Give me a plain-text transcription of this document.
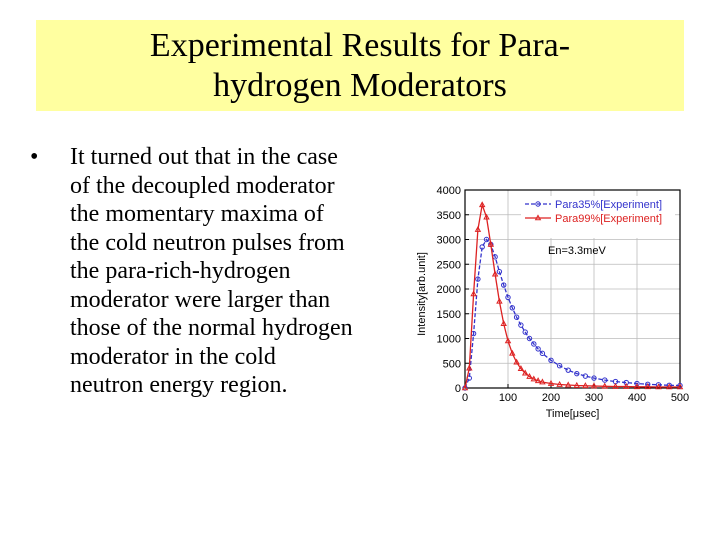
Experimental Results for Para-
hydrogen Moderators
• It turned out that in the case
of the decoupled moderator
the momentary maxima of
the cold neutron pulses from
the para-rich-hydrogen
moderator were larger than
those of the normal hydrogen
moderator in the cold
neutron energy region.	0	100 200 300 400 500
0
500
1000
1500
2000
2500
3000
3500
4000
Time[μsec]
Intensity[arb.unit]
Para35%[Experiment]
Para99%[Experiment]
En=3.3meV
